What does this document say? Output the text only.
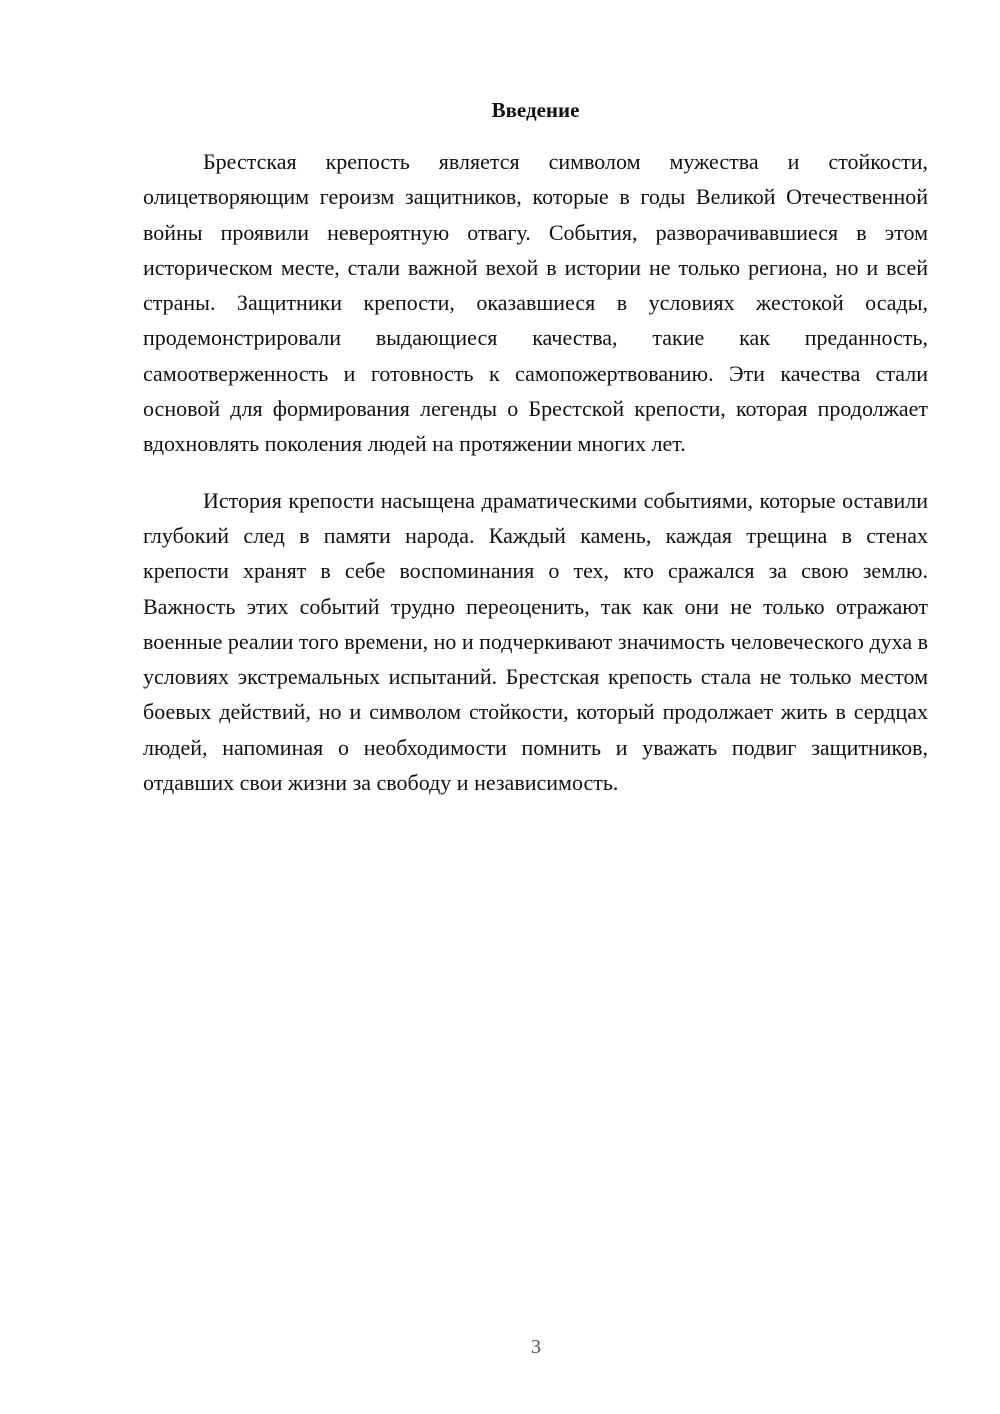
Введение

Брестская крепость является символом мужества и стойкости, олицетворяющим героизм защитников, которые в годы Великой Отечественной войны проявили невероятную отвагу. События, разворачивавшиеся в этом историческом месте, стали важной вехой в истории не только региона, но и всей страны. Защитники крепости, оказавшиеся в условиях жестокой осады, продемонстрировали выдающиеся качества, такие как преданность, самоотверженность и готовность к самопожертвованию. Эти качества стали основой для формирования легенды о Брестской крепости, которая продолжает вдохновлять поколения людей на протяжении многих лет.

История крепости насыщена драматическими событиями, которые оставили глубокий след в памяти народа. Каждый камень, каждая трещина в стенах крепости хранят в себе воспоминания о тех, кто сражался за свою землю. Важность этих событий трудно переоценить, так как они не только отражают военные реалии того времени, но и подчеркивают значимость человеческого духа в условиях экстремальных испытаний. Брестская крепость стала не только местом боевых действий, но и символом стойкости, который продолжает жить в сердцах людей, напоминая о необходимости помнить и уважать подвиг защитников, отдавших свои жизни за свободу и независимость.

3
